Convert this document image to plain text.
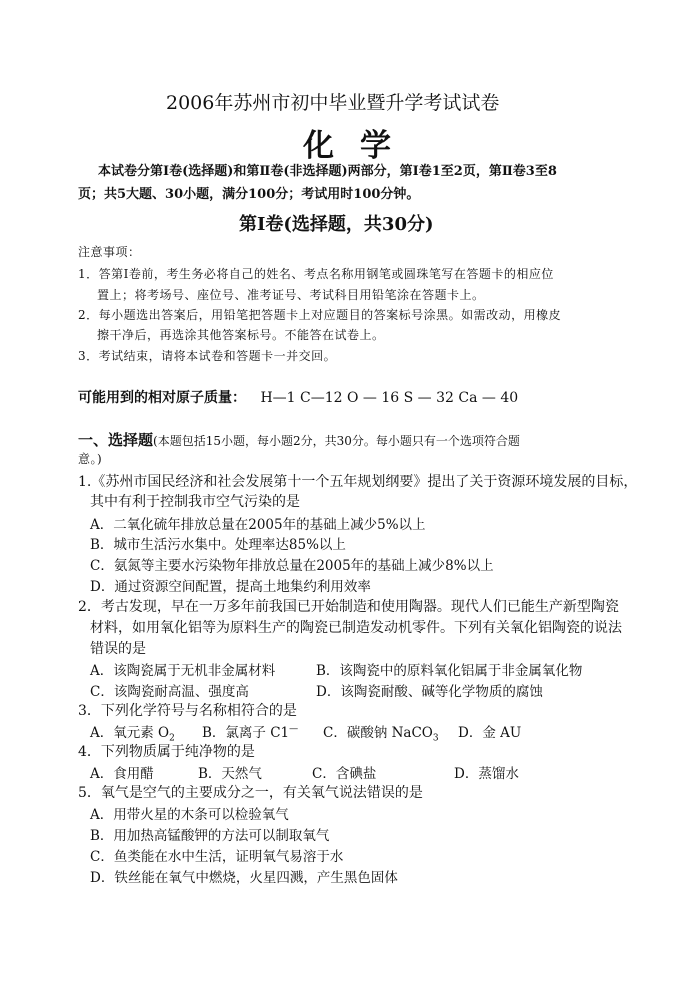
2006年苏州市初中毕业暨升学考试试卷
化学
本试卷分第Ⅰ卷(选择题)和第Ⅱ卷(非选择题)两部分，第Ⅰ卷1至2页，第Ⅱ卷3至8
页；共5大题、30小题，满分100分；考试用时100分钟。
第Ⅰ卷(选择题，共30分)
注意事项：
1．答第Ⅰ卷前，考生务必将自己的姓名、考点名称用钢笔或圆珠笔写在答题卡的相应位
置上；将考场号、座位号、准考证号、考试科目用铅笔涂在答题卡上。
2．每小题选出答案后，用铅笔把答题卡上对应题目的答案标号涂黑。如需改动，用橡皮
擦干净后，再选涂其他答案标号。不能答在试卷上。
3．考试结束，请将本试卷和答题卡一并交回。
可能用到的相对原子质量： H—1 C—12 O — 16 S — 32 Ca — 40
一、选择题(本题包括15小题，每小题2分，共30分。每小题只有一个选项符合题
意。)
1.《苏州市国民经济和社会发展第十一个五年规划纲要》提出了关于资源环境发展的目标，
其中有利于控制我市空气污染的是
A．二氧化硫年排放总量在2005年的基础上减少5%以上
B．城市生活污水集中。处理率达85%以上
C．氨氮等主要水污染物年排放总量在2005年的基础上减少8%以上
D．通过资源空间配置，提高土地集约利用效率
2．考古发现，早在一万多年前我国已开始制造和使用陶器。现代人们已能生产新型陶瓷
材料，如用氧化铝等为原料生产的陶瓷已制造发动机零件。下列有关氧化铝陶瓷的说法
错误的是
A．该陶瓷属于无机非金属材料	B．该陶瓷中的原料氧化铝属于非金属氧化物
C．该陶瓷耐高温、强度高	D．该陶瓷耐酸、碱等化学物质的腐蚀
3．下列化学符号与名称相符合的是
A．氧元素 $O_2$ B．氯离子 C1— C．碳酸钠 NaCO$_3$ D．金 AU
4．下列物质属于纯净物的是
A．食用醋	B．天然气	C．含碘盐	D．蒸馏水
5．氧气是空气的主要成分之一，有关氧气说法错误的是
A．用带火星的木条可以检验氧气
B．用加热高锰酸钾的方法可以制取氧气
C．鱼类能在水中生活，证明氧气易溶于水
D．铁丝能在氧气中燃烧，火星四溅，产生黑色固体
